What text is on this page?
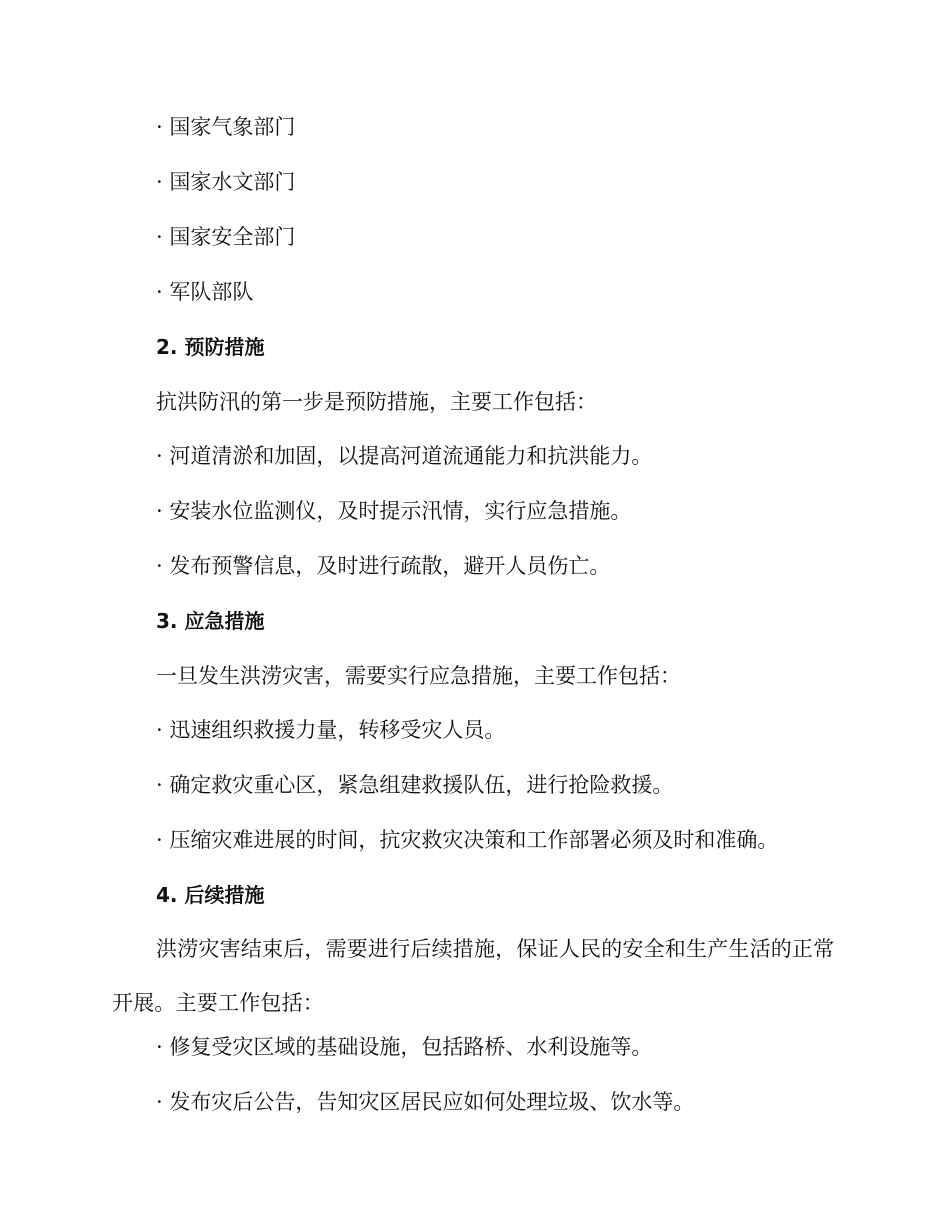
· 国家气象部门
· 国家水文部门
· 国家安全部门
· 军队部队
2. 预防措施
抗洪防汛的第一步是预防措施，主要工作包括：
· 河道清淤和加固，以提高河道流通能力和抗洪能力。
· 安装水位监测仪，及时提示汛情，实行应急措施。
· 发布预警信息，及时进行疏散，避开人员伤亡。
3. 应急措施
一旦发生洪涝灾害，需要实行应急措施，主要工作包括：
· 迅速组织救援力量，转移受灾人员。
· 确定救灾重心区，紧急组建救援队伍，进行抢险救援。
· 压缩灾难进展的时间，抗灾救灾决策和工作部署必须及时和准确。
4. 后续措施
洪涝灾害结束后，需要进行后续措施，保证人民的安全和生产生活的正常开展。主要工作包括：
· 修复受灾区域的基础设施，包括路桥、水利设施等。
· 发布灾后公告，告知灾区居民应如何处理垃圾、饮水等。
